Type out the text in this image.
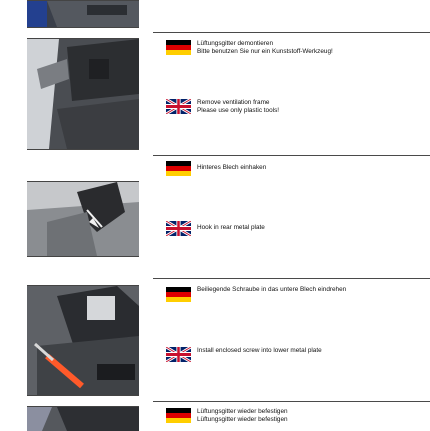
Lüftungsgitter demontieren
Bitte benutzen Sie nur ein Kunststoff-Werkzeug!
Remove ventilation frame
Please use only plastic tools!
Hinteres Blech einhaken
Hook in rear metal plate
Beiliegende Schraube in das untere Blech eindrehen
Install enclosed screw into lower metal plate
Lüftungsgitter wieder befestigen
Lüftungsgitter wieder befestigen
